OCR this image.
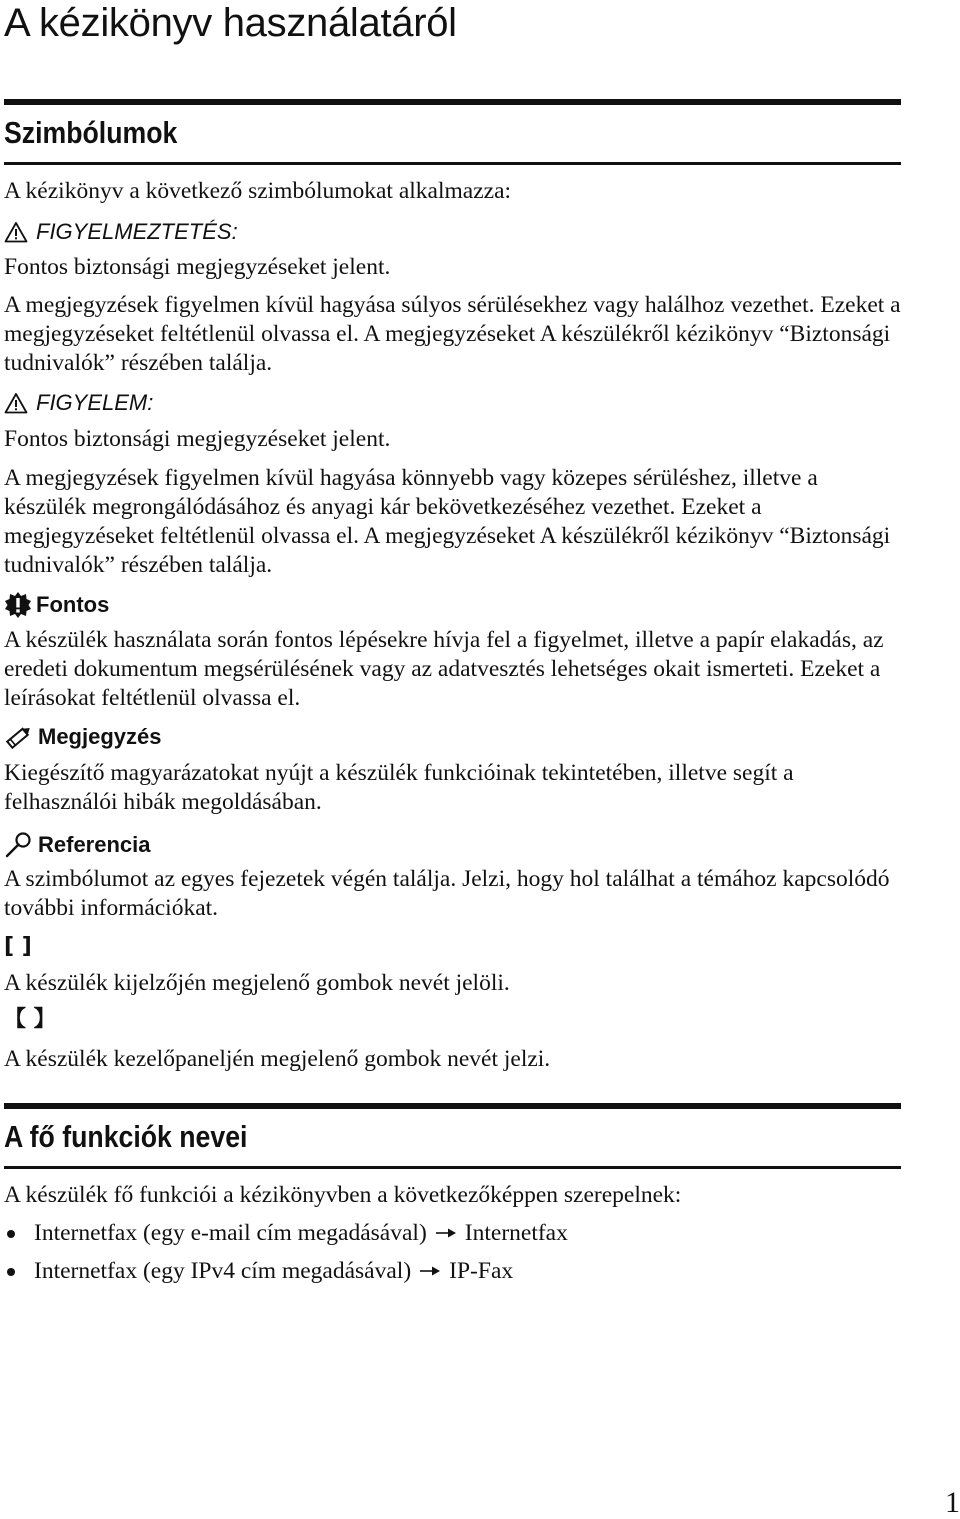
A kézikönyv használatáról
Szimbólumok

A kézikönyv a következő szimbólumokat alkalmazza:

FIGYELMEZTETÉS:

Fontos biztonsági megjegyzéseket jelent.

A megjegyzések figyelmen kívül hagyása súlyos sérülésekhez vagy halálhoz vezethet. Ezeket a megjegyzéseket feltétlenül olvassa el. A megjegyzéseket A készülékről kézikönyv “Biztonsági tudnivalók” részében találja.

FIGYELEM:

Fontos biztonsági megjegyzéseket jelent.

A megjegyzések figyelmen kívül hagyása könnyebb vagy közepes sérüléshez, illetve a készülék megrongálódásához és anyagi kár bekövetkezéséhez vezethet. Ezeket a megjegyzéseket feltétlenül olvassa el. A megjegyzéseket A készülékről kézikönyv “Biztonsági tudnivalók” részében találja.

Fontos

A készülék használata során fontos lépésekre hívja fel a figyelmet, illetve a papír elakadás, az eredeti dokumentum megsérülésének vagy az adatvesztés lehetséges okait ismerteti. Ezeket a leírásokat feltétlenül olvassa el.

Megjegyzés

Kiegészítő magyarázatokat nyújt a készülék funkcióinak tekintetében, illetve segít a felhasználói hibák megoldásában.

Referencia

A szimbólumot az egyes fejezetek végén találja. Jelzi, hogy hol találhat a témához kapcsolódó további információkat.

[ ]

A készülék kijelzőjén megjelenő gombok nevét jelöli.

【 】

A készülék kezelőpaneljén megjelenő gombok nevét jelzi.

A fő funkciók nevei

A készülék fő funkciói a kézikönyvben a következőképpen szerepelnek:

Internetfax (egy e-mail cím megadásával) Internetfax
Internetfax (egy IPv4 cím megadásával) IP-Fax
1
